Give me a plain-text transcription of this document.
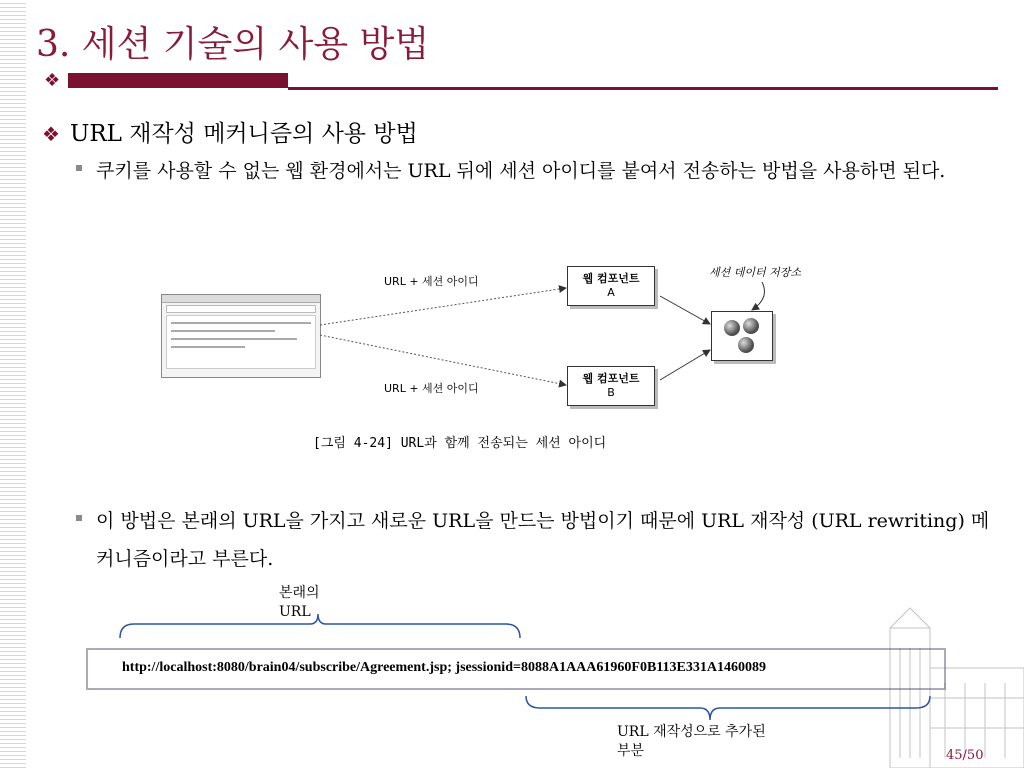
3. 세션 기술의 사용 방법
❖
❖ URL 재작성 메커니즘의 사용 방법
쿠키를 사용할 수 없는 웹 환경에서는 URL 뒤에 세션 아이디를 붙여서 전송하는 방법을 사용하면 된다.
URL + 세션 아이디
URL + 세션 아이디
웹 컴포넌트
A
웹 컴포넌트
B
세션 데이터 저장소
[그림 4-24] URL과 함께 전송되는 세션 아이디
이 방법은 본래의 URL을 가지고 새로운 URL을 만드는 방법이기 때문에 URL 재작성 (URL rewriting) 메커니즘이라고 부른다.
본래의
URL
http://localhost:8080/brain04/subscribe/Agreement.jsp; jsessionid=8088A1AAA61960F0B113E331A1460089
URL 재작성으로 추가된
부분	45/50
